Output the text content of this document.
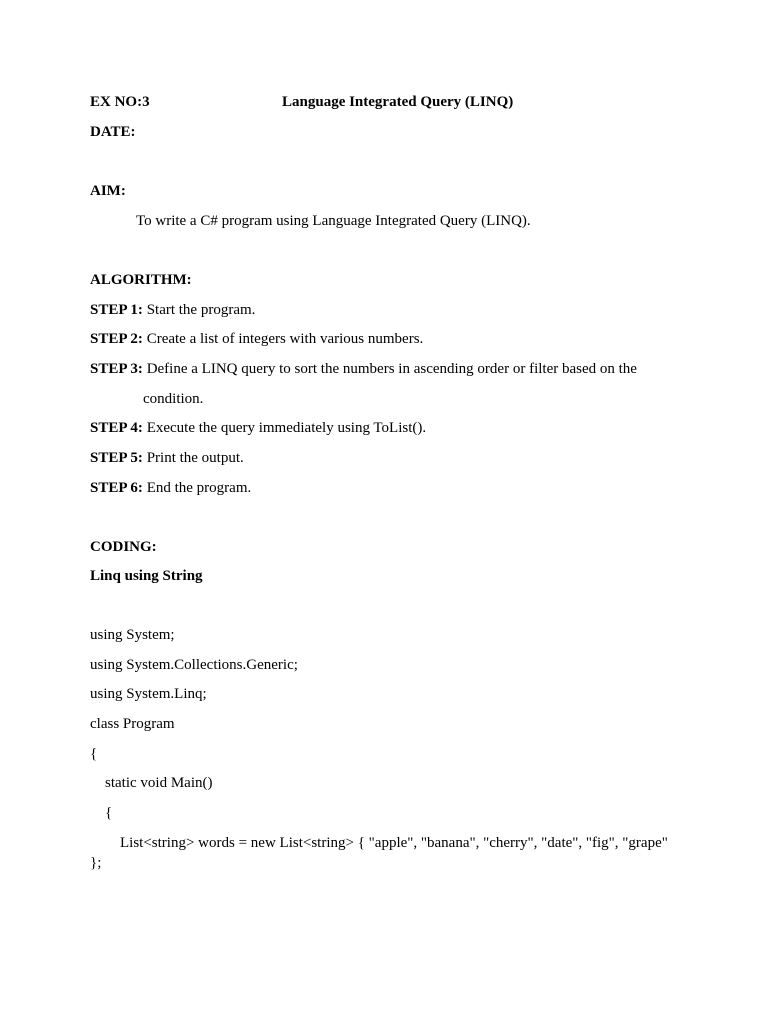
EX NO:3	Language Integrated Query (LINQ)
DATE:
AIM:
To write a C# program using Language Integrated Query (LINQ).
ALGORITHM:
STEP 1: Start the program.
STEP 2: Create a list of integers with various numbers.
STEP 3: Define a LINQ query to sort the numbers in ascending order or filter based on the
condition.
STEP 4: Execute the query immediately using ToList().
STEP 5: Print the output.
STEP 6: End the program.
CODING:
Linq using String
using System;
using System.Collections.Generic;
using System.Linq;
class Program
{
static void Main()
{
List<string> words = new List<string> { "apple", "banana", "cherry", "date", "fig", "grape"
};
